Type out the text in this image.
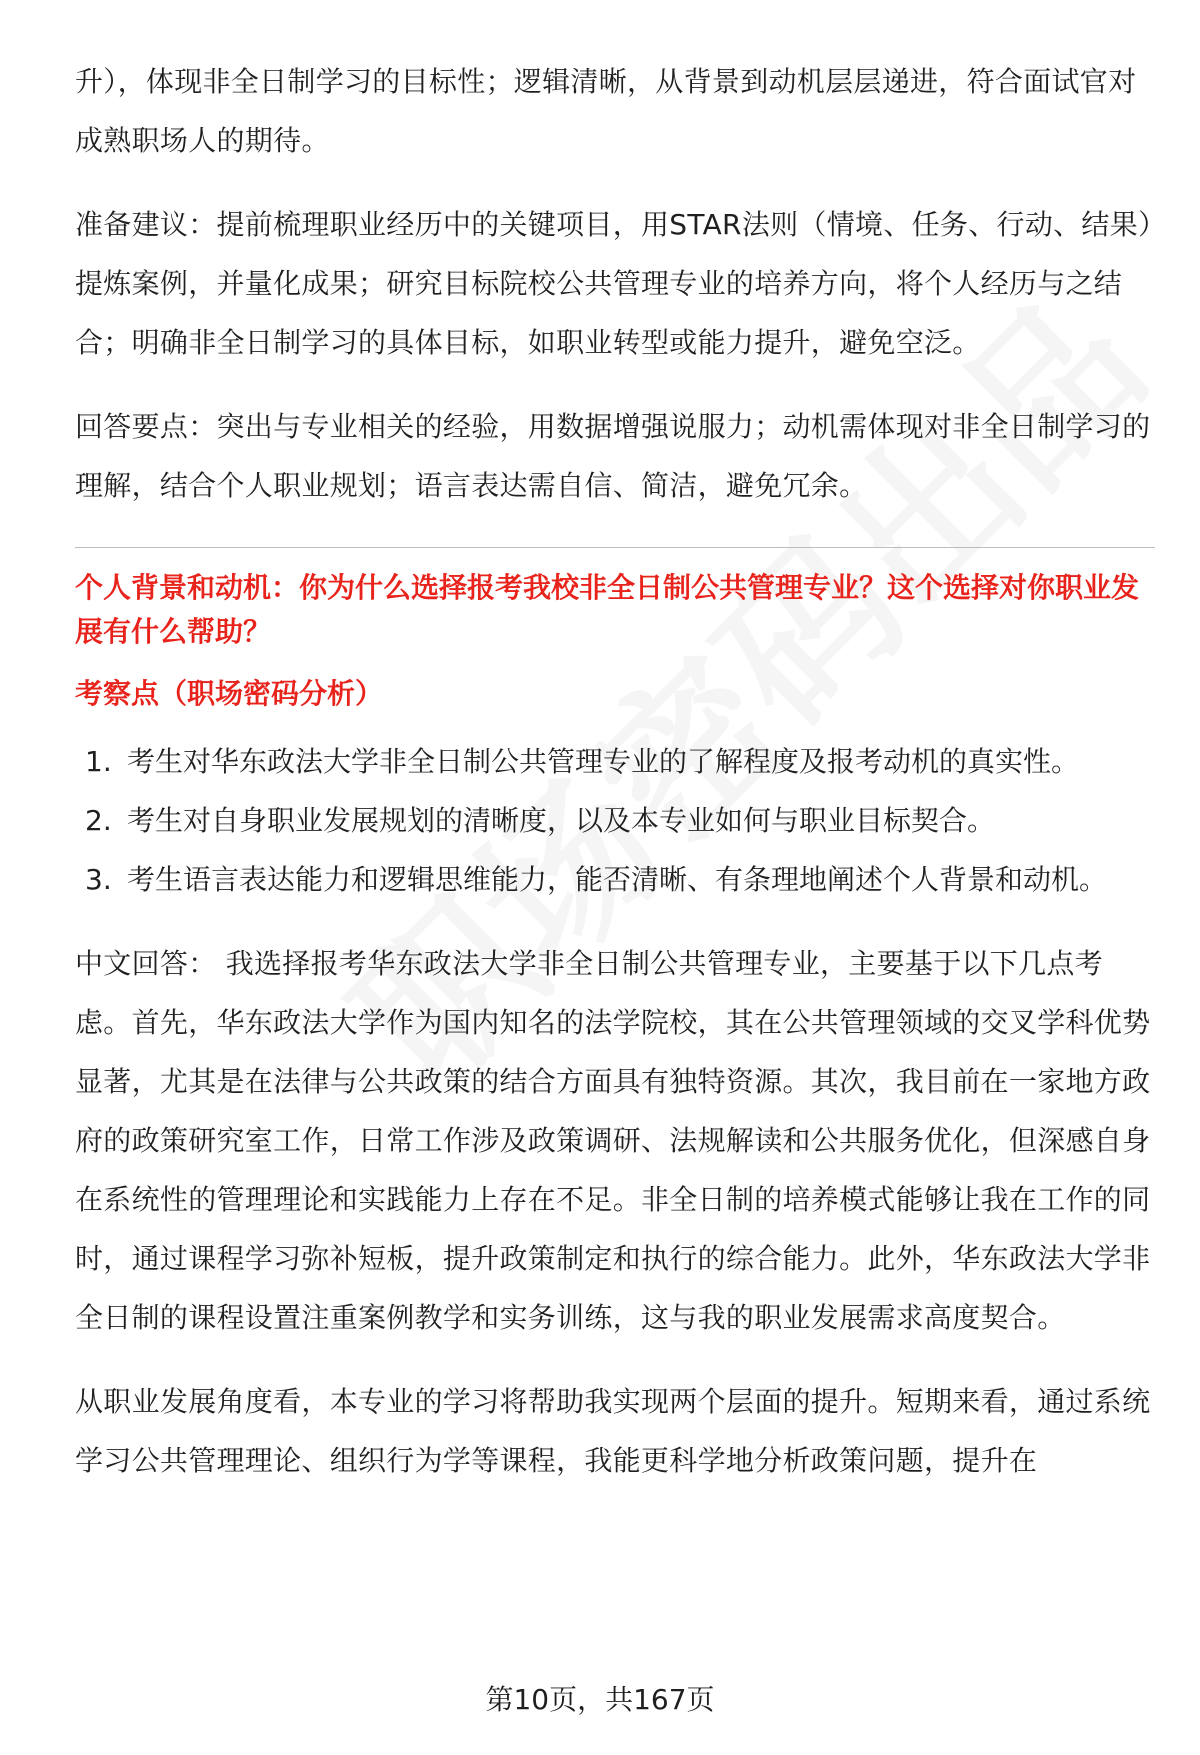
升），体现非全日制学习的目标性；逻辑清晰，从背景到动机层层递进，符合面试官对成熟职场人的期待。

准备建议：提前梳理职业经历中的关键项目，用STAR法则（情境、任务、行动、结果）提炼案例，并量化成果；研究目标院校公共管理专业的培养方向，将个人经历与之结合；明确非全日制学习的具体目标，如职业转型或能力提升，避免空泛。

回答要点：突出与专业相关的经验，用数据增强说服力；动机需体现对非全日制学习的理解，结合个人职业规划；语言表达需自信、简洁，避免冗余。

个人背景和动机：你为什么选择报考我校非全日制公共管理专业？这个选择对你职业发展有什么帮助？

考察点（职场密码分析）

1. 考生对华东政法大学非全日制公共管理专业的了解程度及报考动机的真实性。
2. 考生对自身职业发展规划的清晰度，以及本专业如何与职业目标契合。
3. 考生语言表达能力和逻辑思维能力，能否清晰、有条理地阐述个人背景和动机。

中文回答： 我选择报考华东政法大学非全日制公共管理专业，主要基于以下几点考虑。首先，华东政法大学作为国内知名的法学院校，其在公共管理领域的交叉学科优势显著，尤其是在法律与公共政策的结合方面具有独特资源。其次，我目前在一家地方政府的政策研究室工作，日常工作涉及政策调研、法规解读和公共服务优化，但深感自身在系统性的管理理论和实践能力上存在不足。非全日制的培养模式能够让我在工作的同时，通过课程学习弥补短板，提升政策制定和执行的综合能力。此外，华东政法大学非全日制的课程设置注重案例教学和实务训练，这与我的职业发展需求高度契合。

从职业发展角度看，本专业的学习将帮助我实现两个层面的提升。短期来看，通过系统学习公共管理理论、组织行为学等课程，我能更科学地分析政策问题，提升在

第10页，共167页
